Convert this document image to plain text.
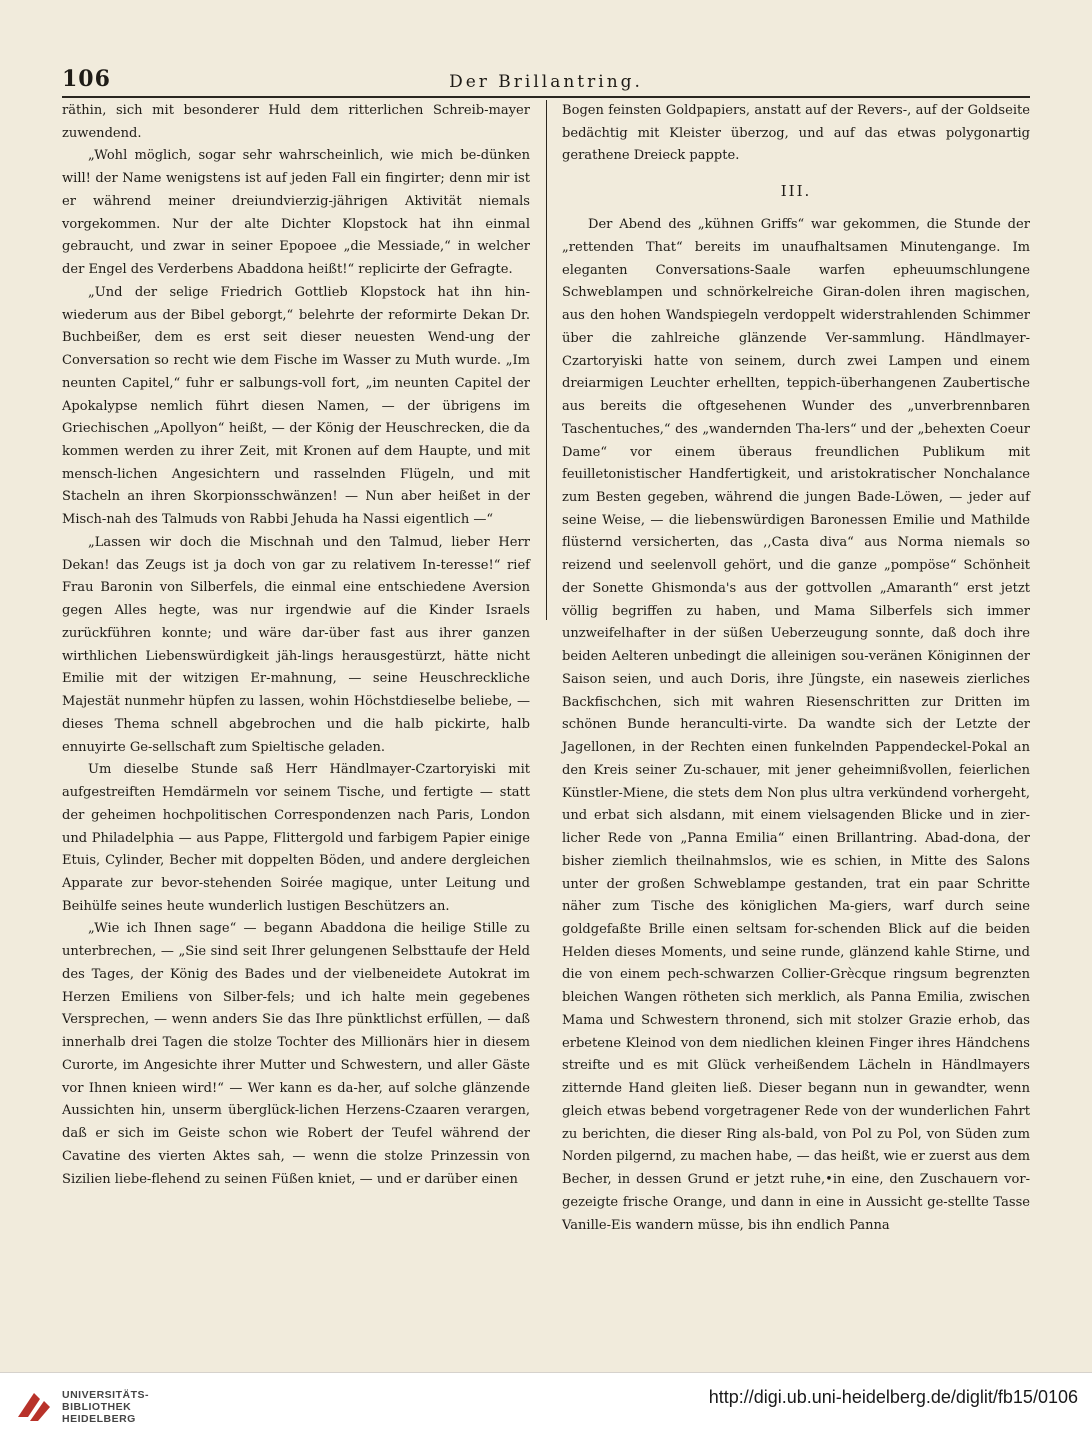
106	Der Brillantring.

räthin, sich mit besonderer Huld dem ritterlichen Schreib-mayer zuwendend.

„Wohl möglich, sogar sehr wahrscheinlich, wie mich be-dünken will! der Name wenigstens ist auf jeden Fall ein fingirter; denn mir ist er während meiner dreiundvierzig-jährigen Aktivität niemals vorgekommen. Nur der alte Dichter Klopstock hat ihn einmal gebraucht, und zwar in seiner Epopoee „die Messiade,“ in welcher der Engel des Verderbens Abaddona heißt!“ replicirte der Gefragte.

„Und der selige Friedrich Gottlieb Klopstock hat ihn hin-wiederum aus der Bibel geborgt,“ belehrte der reformirte Dekan Dr. Buchbeißer, dem es erst seit dieser neuesten Wend-ung der Conversation so recht wie dem Fische im Wasser zu Muth wurde. „Im neunten Capitel,“ fuhr er salbungs-voll fort, „im neunten Capitel der Apokalypse nemlich führt diesen Namen, — der übrigens im Griechischen „Apollyon“ heißt, — der König der Heuschrecken, die da kommen werden zu ihrer Zeit, mit Kronen auf dem Haupte, und mit mensch-lichen Angesichtern und rasselnden Flügeln, und mit Stacheln an ihren Skorpionsschwänzen! — Nun aber heißet in der Misch-nah des Talmuds von Rabbi Jehuda ha Nassi eigentlich —“

„Lassen wir doch die Mischnah und den Talmud, lieber Herr Dekan! das Zeugs ist ja doch von gar zu relativem In-teresse!“ rief Frau Baronin von Silberfels, die einmal eine entschiedene Aversion gegen Alles hegte, was nur irgendwie auf die Kinder Israels zurückführen konnte; und wäre dar-über fast aus ihrer ganzen wirthlichen Liebenswürdigkeit jäh-lings herausgestürzt, hätte nicht Emilie mit der witzigen Er-mahnung, — seine Heuschreckliche Majestät nunmehr hüpfen zu lassen, wohin Höchstdieselbe beliebe, — dieses Thema schnell abgebrochen und die halb pickirte, halb ennuyirte Ge-sellschaft zum Spieltische geladen.

Um dieselbe Stunde saß Herr Händlmayer-Czartoryiski mit aufgestreiften Hemdärmeln vor seinem Tische, und fertigte — statt der geheimen hochpolitischen Correspondenzen nach Paris, London und Philadelphia — aus Pappe, Flittergold und farbigem Papier einige Etuis, Cylinder, Becher mit doppelten Böden, und andere dergleichen Apparate zur bevor-stehenden Soirée magique, unter Leitung und Beihülfe seines heute wunderlich lustigen Beschützers an.

„Wie ich Ihnen sage“ — begann Abaddona die heilige Stille zu unterbrechen, — „Sie sind seit Ihrer gelungenen Selbsttaufe der Held des Tages, der König des Bades und der vielbeneidete Autokrat im Herzen Emiliens von Silber-fels; und ich halte mein gegebenes Versprechen, — wenn anders Sie das Ihre pünktlichst erfüllen, — daß innerhalb drei Tagen die stolze Tochter des Millionärs hier in diesem Curorte, im Angesichte ihrer Mutter und Schwestern, und aller Gäste vor Ihnen knieen wird!“ — Wer kann es da-her, auf solche glänzende Aussichten hin, unserm überglück-lichen Herzens-Czaaren verargen, daß er sich im Geiste schon wie Robert der Teufel während der Cavatine des vierten Aktes sah, — wenn die stolze Prinzessin von Sizilien liebe-flehend zu seinen Füßen kniet, — und er darüber einen

Bogen feinsten Goldpapiers, anstatt auf der Revers-, auf der Goldseite bedächtig mit Kleister überzog, und auf das etwas polygonartig gerathene Dreieck pappte.

III.

Der Abend des „kühnen Griffs“ war gekommen, die Stunde der „rettenden That“ bereits im unaufhaltsamen Minutengange. Im eleganten Conversations-Saale warfen epheuumschlungene Schweblampen und schnörkelreiche Giran-dolen ihren magischen, aus den hohen Wandspiegeln verdoppelt widerstrahlenden Schimmer über die zahlreiche glänzende Ver-sammlung. Händlmayer-Czartoryiski hatte von seinem, durch zwei Lampen und einem dreiarmigen Leuchter erhellten, teppich-überhangenen Zaubertische aus bereits die oftgesehenen Wunder des „unverbrennbaren Taschentuches,“ des „wandernden Tha-lers“ und der „behexten Coeur Dame“ vor einem überaus freundlichen Publikum mit feuilletonistischer Handfertigkeit, und aristokratischer Nonchalance zum Besten gegeben, während die jungen Bade-Löwen, — jeder auf seine Weise, — die liebenswürdigen Baronessen Emilie und Mathilde flüsternd versicherten, das ,,Casta diva“ aus Norma niemals so reizend und seelenvoll gehört, und die ganze „pompöse“ Schönheit der Sonette Ghismonda's aus der gottvollen „Amaranth“ erst jetzt völlig begriffen zu haben, und Mama Silberfels sich immer unzweifelhafter in der süßen Ueberzeugung sonnte, daß doch ihre beiden Aelteren unbedingt die alleinigen sou-veränen Königinnen der Saison seien, und auch Doris, ihre Jüngste, ein naseweis zierliches Backfischchen, sich mit wahren Riesenschritten zur Dritten im schönen Bunde heranculti-virte. Da wandte sich der Letzte der Jagellonen, in der Rechten einen funkelnden Pappendeckel-Pokal an den Kreis seiner Zu-schauer, mit jener geheimnißvollen, feierlichen Künstler-Miene, die stets dem Non plus ultra verkündend vorhergeht, und erbat sich alsdann, mit einem vielsagenden Blicke und in zier-licher Rede von „Panna Emilia“ einen Brillantring. Abad-dona, der bisher ziemlich theilnahmslos, wie es schien, in Mitte des Salons unter der großen Schweblampe gestanden, trat ein paar Schritte näher zum Tische des königlichen Ma-giers, warf durch seine goldgefaßte Brille einen seltsam for-schenden Blick auf die beiden Helden dieses Moments, und seine runde, glänzend kahle Stirne, und die von einem pech-schwarzen Collier-Grècque ringsum begrenzten bleichen Wangen rötheten sich merklich, als Panna Emilia, zwischen Mama und Schwestern thronend, sich mit stolzer Grazie erhob, das erbetene Kleinod von dem niedlichen kleinen Finger ihres Händchens streifte und es mit Glück verheißendem Lächeln in Händlmayers zitternde Hand gleiten ließ. Dieser begann nun in gewandter, wenn gleich etwas bebend vorgetragener Rede von der wunderlichen Fahrt zu berichten, die dieser Ring als-bald, von Pol zu Pol, von Süden zum Norden pilgernd, zu machen habe, — das heißt, wie er zuerst aus dem Becher, in dessen Grund er jetzt ruhe,•in eine, den Zuschauern vor-gezeigte frische Orange, und dann in eine in Aussicht ge-stellte Tasse Vanille-Eis wandern müsse, bis ihn endlich Panna

UNIVERSITÄTS-
BIBLIOTHEK
HEIDELBERG
http://digi.ub.uni-heidelberg.de/diglit/fb15/0106
